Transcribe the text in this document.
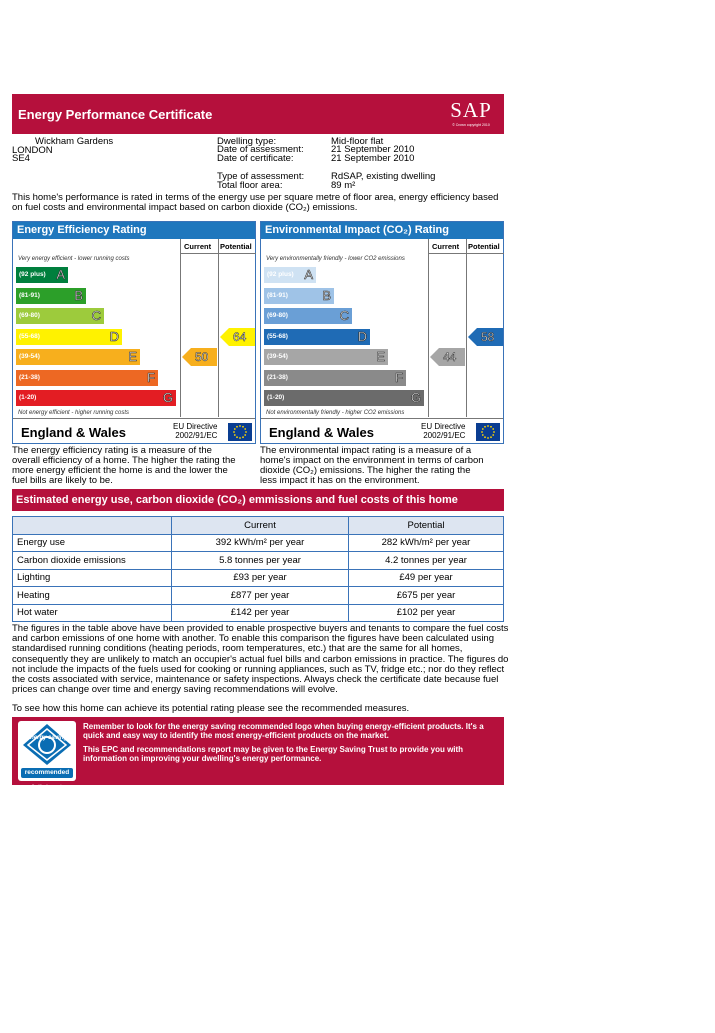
Energy Performance Certificate	SAP
© Crown copyright 2010
Wickham Gardens
LONDON
SE4
Dwelling type:	Mid-floor flat
Date of assessment:	21 September 2010
Date of certificate:	21 September 2010
Type of assessment:	RdSAP, existing dwelling
Total floor area:	89 m²
This home's performance is rated in terms of the energy use per square metre of floor area, energy efficiency based on fuel costs and environmental impact based on carbon dioxide (CO₂) emissions.
Energy Efficiency Rating
Current Potential
Very energy efficient - lower running costs
Not energy efficient - higher running costs
England & Wales	EU Directive
2002/91/EC
(92 plus) A
(81-91)	B
(69-80)	C
(55-68)	D
(39-54)	E
(21-38)	F
(1-20)	G
50
64
Environmental Impact (CO₂) Rating
Current Potential
Very environmentally friendly - lower CO2 emissions
Not environmentally friendly - higher CO2 emissions
England & Wales	EU Directive
2002/91/EC
(92 plus) A
(81-91)	B
(69-80)	C
(55-68)	D
(39-54)	E
(21-38)	F
(1-20)	G
44
58
The energy efficiency rating is a measure of the overall efficiency of a home. The higher the rating the more energy efficient the home is and the lower the fuel bills are likely to be.
The environmental impact rating is a measure of a home's impact on the environment in terms of carbon dioxide (CO₂) emissions. The higher the rating the less impact it has on the environment.
Estimated energy use, carbon dioxide (CO₂) emmissions and fuel costs of this home
	Current	Potential
Energy use	392 kWh/m² per year	282 kWh/m² per year
Carbon dioxide emissions	5.8 tonnes per year	4.2 tonnes per year
Lighting	£93 per year	£49 per year
Heating	£877 per year	£675 per year
Hot water	£142 per year	£102 per year
The figures in the table above have been provided to enable prospective buyers and tenants to compare the fuel costs and carbon emissions of one home with another. To enable this comparison the figures have been calculated using standardised running conditions (heating periods, room temperatures, etc.) that are the same for all homes, consequently they are unlikely to match an occupier's actual fuel bills and carbon emissions in practice. The figures do not include the impacts of the fuels used for cooking or running appliances, such as TV, fridge etc.; nor do they reflect the costs associated with service, maintenance or safety inspections. Always check the certificate date because fuel prices can change over time and energy saving recommendations will evolve.
To see how this home can achieve its potential rating please see the recommended measures.
energy saving
recommended
Certification mark
Remember to look for the energy saving recommended logo when buying energy-efficient products. It's a quick and easy way to identify the most energy-efficient products on the market.
This EPC and recommendations report may be given to the Energy Saving Trust to provide you with information on improving your dwelling's energy performance.
